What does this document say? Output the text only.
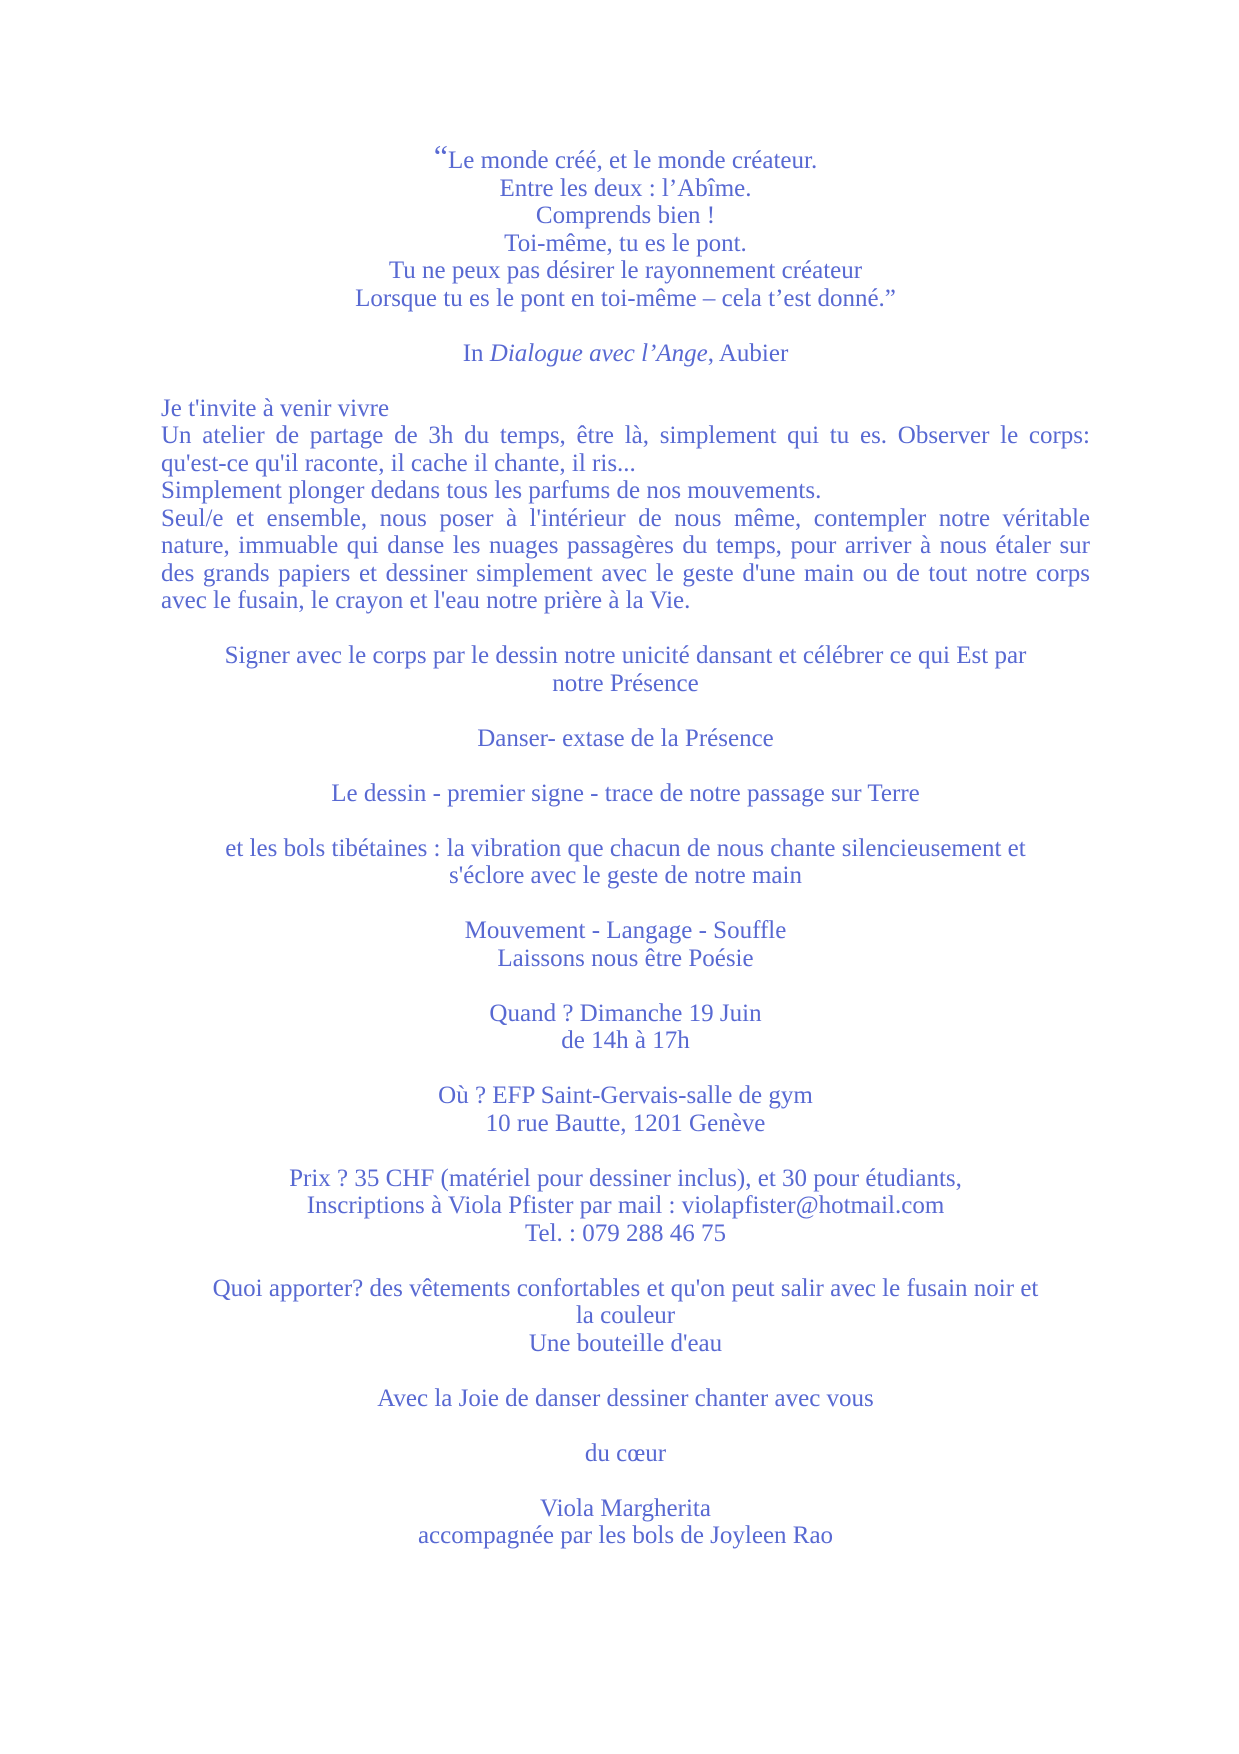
“Le monde créé, et le monde créateur.
Entre les deux : l’Abîme.
Comprends bien !
Toi-même, tu es le pont.
Tu ne peux pas désirer le rayonnement créateur
Lorsque tu es le pont en toi-même – cela t’est donné.”
In Dialogue avec l’Ange, Aubier
Je t'invite à venir vivre
Un atelier de partage de 3h du temps, être là, simplement qui tu es. Observer le corps: qu'est-ce qu'il raconte, il cache il chante, il ris...
Simplement plonger dedans tous les parfums de nos mouvements.
Seul/e et ensemble, nous poser à l'intérieur de nous même, contempler notre véritable nature, immuable qui danse les nuages passagères du temps, pour arriver à nous étaler sur des grands papiers et dessiner simplement avec le geste d'une main ou de tout notre corps avec le fusain, le crayon et l'eau notre prière à la Vie.
Signer avec le corps par le dessin notre unicité dansant et célébrer ce qui Est par
notre Présence
Danser- extase de la Présence
Le dessin - premier signe - trace de notre passage sur Terre
et les bols tibétaines : la vibration que chacun de nous chante silencieusement et
s'éclore avec le geste de notre main
Mouvement - Langage - Souffle
Laissons nous être Poésie
Quand ? Dimanche 19 Juin
de 14h à 17h
Où ? EFP Saint-Gervais-salle de gym
10 rue Bautte, 1201 Genève
Prix ? 35 CHF (matériel pour dessiner inclus), et 30 pour étudiants,
Inscriptions à Viola Pfister par mail : violapfister@hotmail.com
Tel. : 079 288 46 75
Quoi apporter? des vêtements confortables et qu'on peut salir avec le fusain noir et
la couleur
Une bouteille d'eau
Avec la Joie de danser dessiner chanter avec vous
du cœur
Viola Margherita
accompagnée par les bols de Joyleen Rao
